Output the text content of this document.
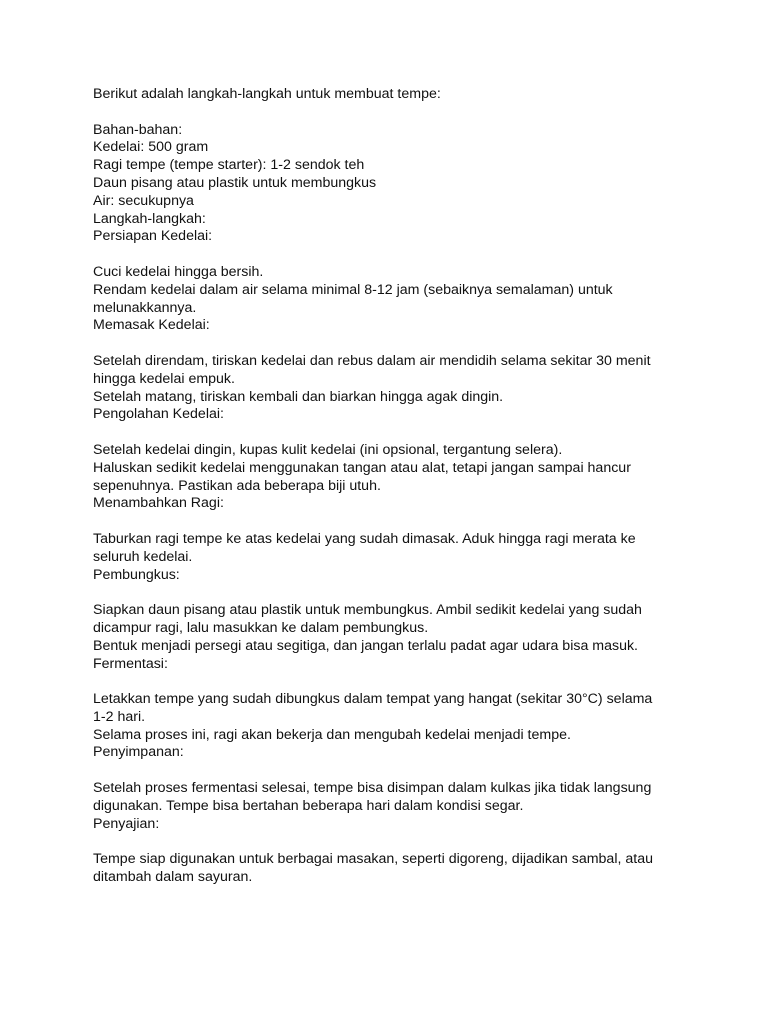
Berikut adalah langkah-langkah untuk membuat tempe:
Bahan-bahan:
Kedelai: 500 gram
Ragi tempe (tempe starter): 1-2 sendok teh
Daun pisang atau plastik untuk membungkus
Air: secukupnya
Langkah-langkah:
Persiapan Kedelai:
Cuci kedelai hingga bersih.
Rendam kedelai dalam air selama minimal 8-12 jam (sebaiknya semalaman) untuk
melunakkannya.
Memasak Kedelai:
Setelah direndam, tiriskan kedelai dan rebus dalam air mendidih selama sekitar 30 menit
hingga kedelai empuk.
Setelah matang, tiriskan kembali dan biarkan hingga agak dingin.
Pengolahan Kedelai:
Setelah kedelai dingin, kupas kulit kedelai (ini opsional, tergantung selera).
Haluskan sedikit kedelai menggunakan tangan atau alat, tetapi jangan sampai hancur
sepenuhnya. Pastikan ada beberapa biji utuh.
Menambahkan Ragi:
Taburkan ragi tempe ke atas kedelai yang sudah dimasak. Aduk hingga ragi merata ke
seluruh kedelai.
Pembungkus:
Siapkan daun pisang atau plastik untuk membungkus. Ambil sedikit kedelai yang sudah
dicampur ragi, lalu masukkan ke dalam pembungkus.
Bentuk menjadi persegi atau segitiga, dan jangan terlalu padat agar udara bisa masuk.
Fermentasi:
Letakkan tempe yang sudah dibungkus dalam tempat yang hangat (sekitar 30°C) selama
1-2 hari.
Selama proses ini, ragi akan bekerja dan mengubah kedelai menjadi tempe.
Penyimpanan:
Setelah proses fermentasi selesai, tempe bisa disimpan dalam kulkas jika tidak langsung
digunakan. Tempe bisa bertahan beberapa hari dalam kondisi segar.
Penyajian:
Tempe siap digunakan untuk berbagai masakan, seperti digoreng, dijadikan sambal, atau
ditambah dalam sayuran.
